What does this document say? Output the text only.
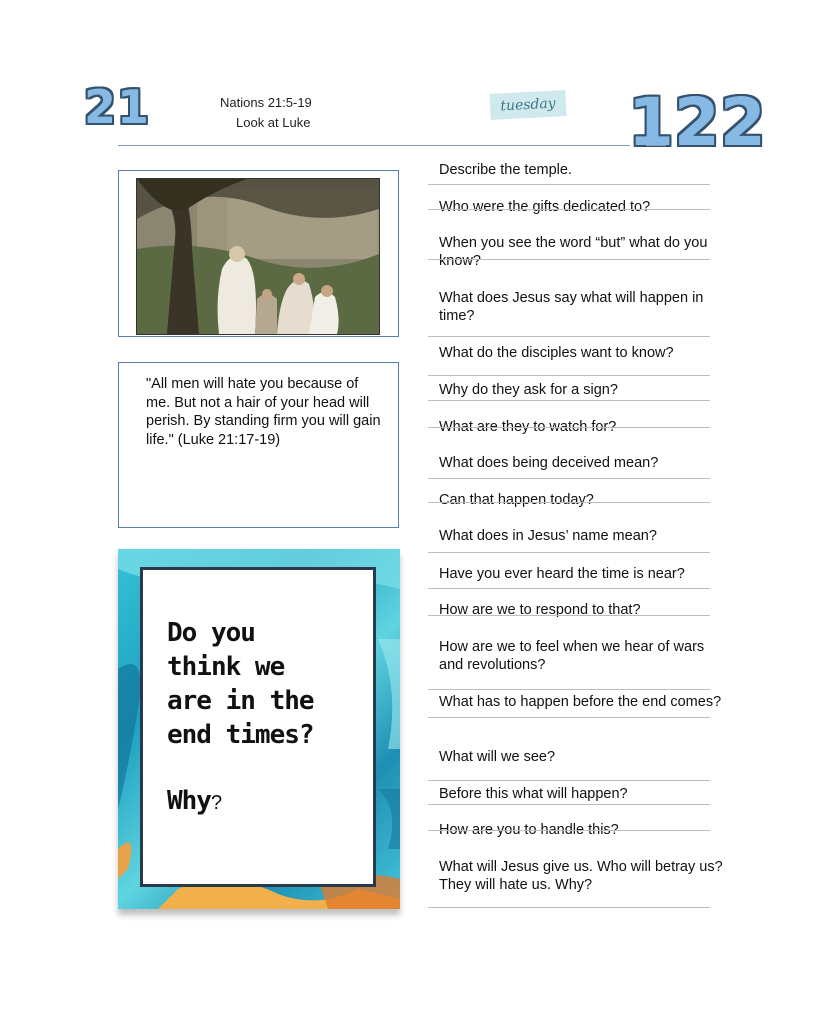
21	Nations 21:5-19
Look at Luke
tuesday 122
"All men will hate you because of me. But not a hair of your head will perish. By standing firm you will gain life." (Luke 21:17-19)
Do you
think we
are in the
end times?
Why?
Describe the temple.
Who were the gifts dedicated to?
When you see the word “but” what do you know?
What does Jesus say what will happen in time?
What do the disciples want to know?
Why do they ask for a sign?
What are they to watch for?
What does being deceived mean?
Can that happen today?
What does in Jesus’ name mean?
Have you ever heard the time is near?
How are we to respond to that?
How are we to feel when we hear of wars and revolutions?
What has to happen before the end comes?
What will we see?
Before this what will happen?
How are you to handle this?
What will Jesus give us. Who will betray us? They will hate us. Why?
